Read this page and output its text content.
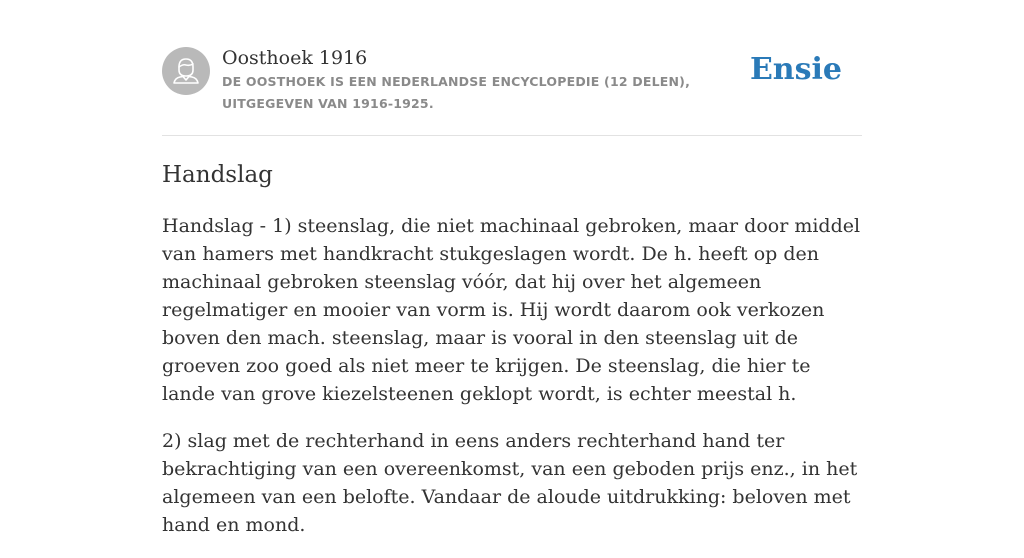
Oosthoek 1916
DE OOSTHOEK IS EEN NEDERLANDSE ENCYCLOPEDIE (12 DELEN), UITGEGEVEN VAN 1916-1925.
Ensie
Handslag

Handslag - 1) steenslag, die niet machinaal gebroken, maar door middel van hamers met handkracht stukgeslagen wordt. De h. heeft op den machinaal gebroken steenslag vóór, dat hij over het algemeen regelmatiger en mooier van vorm is. Hij wordt daarom ook verkozen boven den mach. steenslag, maar is vooral in den steenslag uit de groeven zoo goed als niet meer te krijgen. De steenslag, die hier te lande van grove kiezelsteenen geklopt wordt, is echter meestal h.

2) slag met de rechterhand in eens anders rechterhand hand ter bekrachtiging van een overeenkomst, van een geboden prijs enz., in het algemeen van een belofte. Vandaar de aloude uitdrukking: beloven met hand en mond.
